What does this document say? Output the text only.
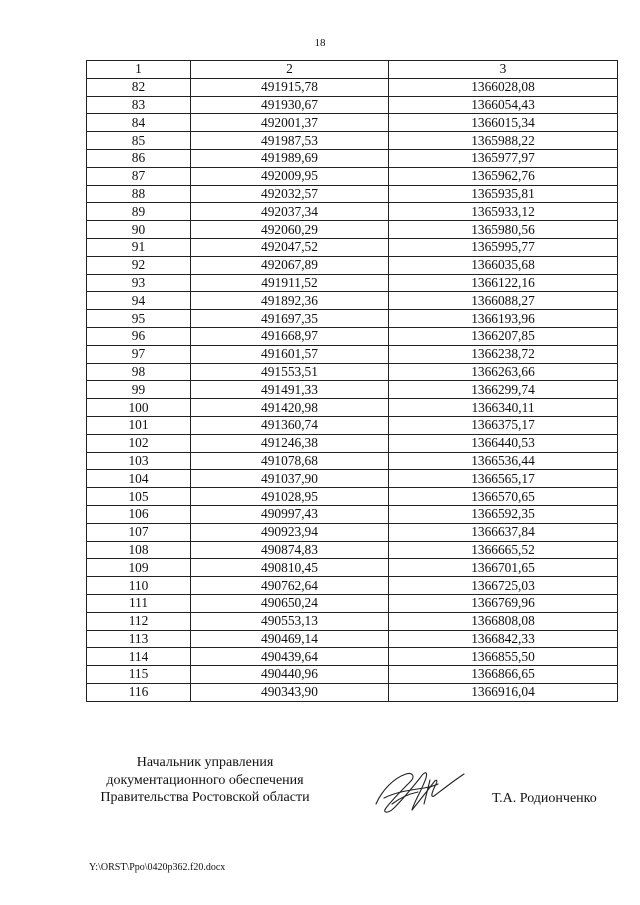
18
1	2	3
82	491915,78	1366028,08
83	491930,67	1366054,43
84	492001,37	1366015,34
85	491987,53	1365988,22
86	491989,69	1365977,97
87	492009,95	1365962,76
88	492032,57	1365935,81
89	492037,34	1365933,12
90	492060,29	1365980,56
91	492047,52	1365995,77
92	492067,89	1366035,68
93	491911,52	1366122,16
94	491892,36	1366088,27
95	491697,35	1366193,96
96	491668,97	1366207,85
97	491601,57	1366238,72
98	491553,51	1366263,66
99	491491,33	1366299,74
100	491420,98	1366340,11
101	491360,74	1366375,17
102	491246,38	1366440,53
103	491078,68	1366536,44
104	491037,90	1366565,17
105	491028,95	1366570,65
106	490997,43	1366592,35
107	490923,94	1366637,84
108	490874,83	1366665,52
109	490810,45	1366701,65
110	490762,64	1366725,03
111	490650,24	1366769,96
112	490553,13	1366808,08
113	490469,14	1366842,33
114	490439,64	1366855,50
115	490440,96	1366866,65
116	490343,90	1366916,04
Начальник управления
документационного обеспечения
Правительства Ростовской области	Т.А. Родионченко
Y:\ORST\Ppo\0420p362.f20.docx
